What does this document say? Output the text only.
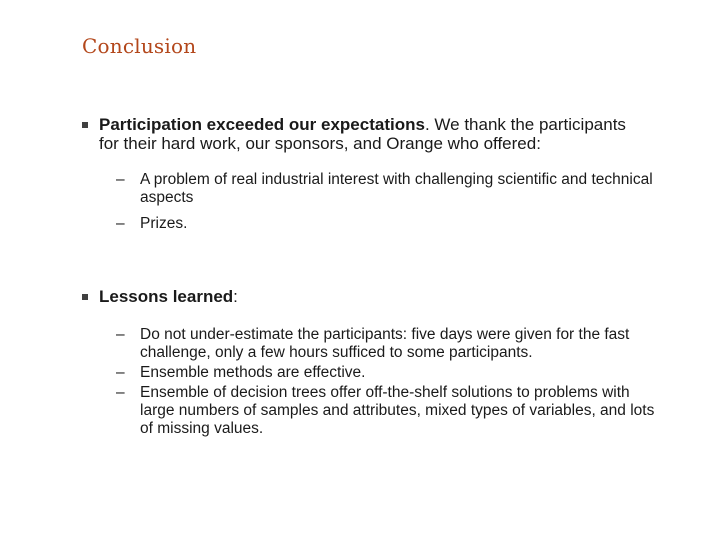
Conclusion
Participation exceeded our expectations. We thank the participants for their hard work, our sponsors, and Orange who offered:
– A problem of real industrial interest with challenging scientific and technical aspects
– Prizes.
Lessons learned:
– Do not under-estimate the participants: five days were given for the fast challenge, only a few hours sufficed to some participants.
– Ensemble methods are effective.
– Ensemble of decision trees offer off-the-shelf solutions to problems with large numbers of samples and attributes, mixed types of variables, and lots of missing values.
